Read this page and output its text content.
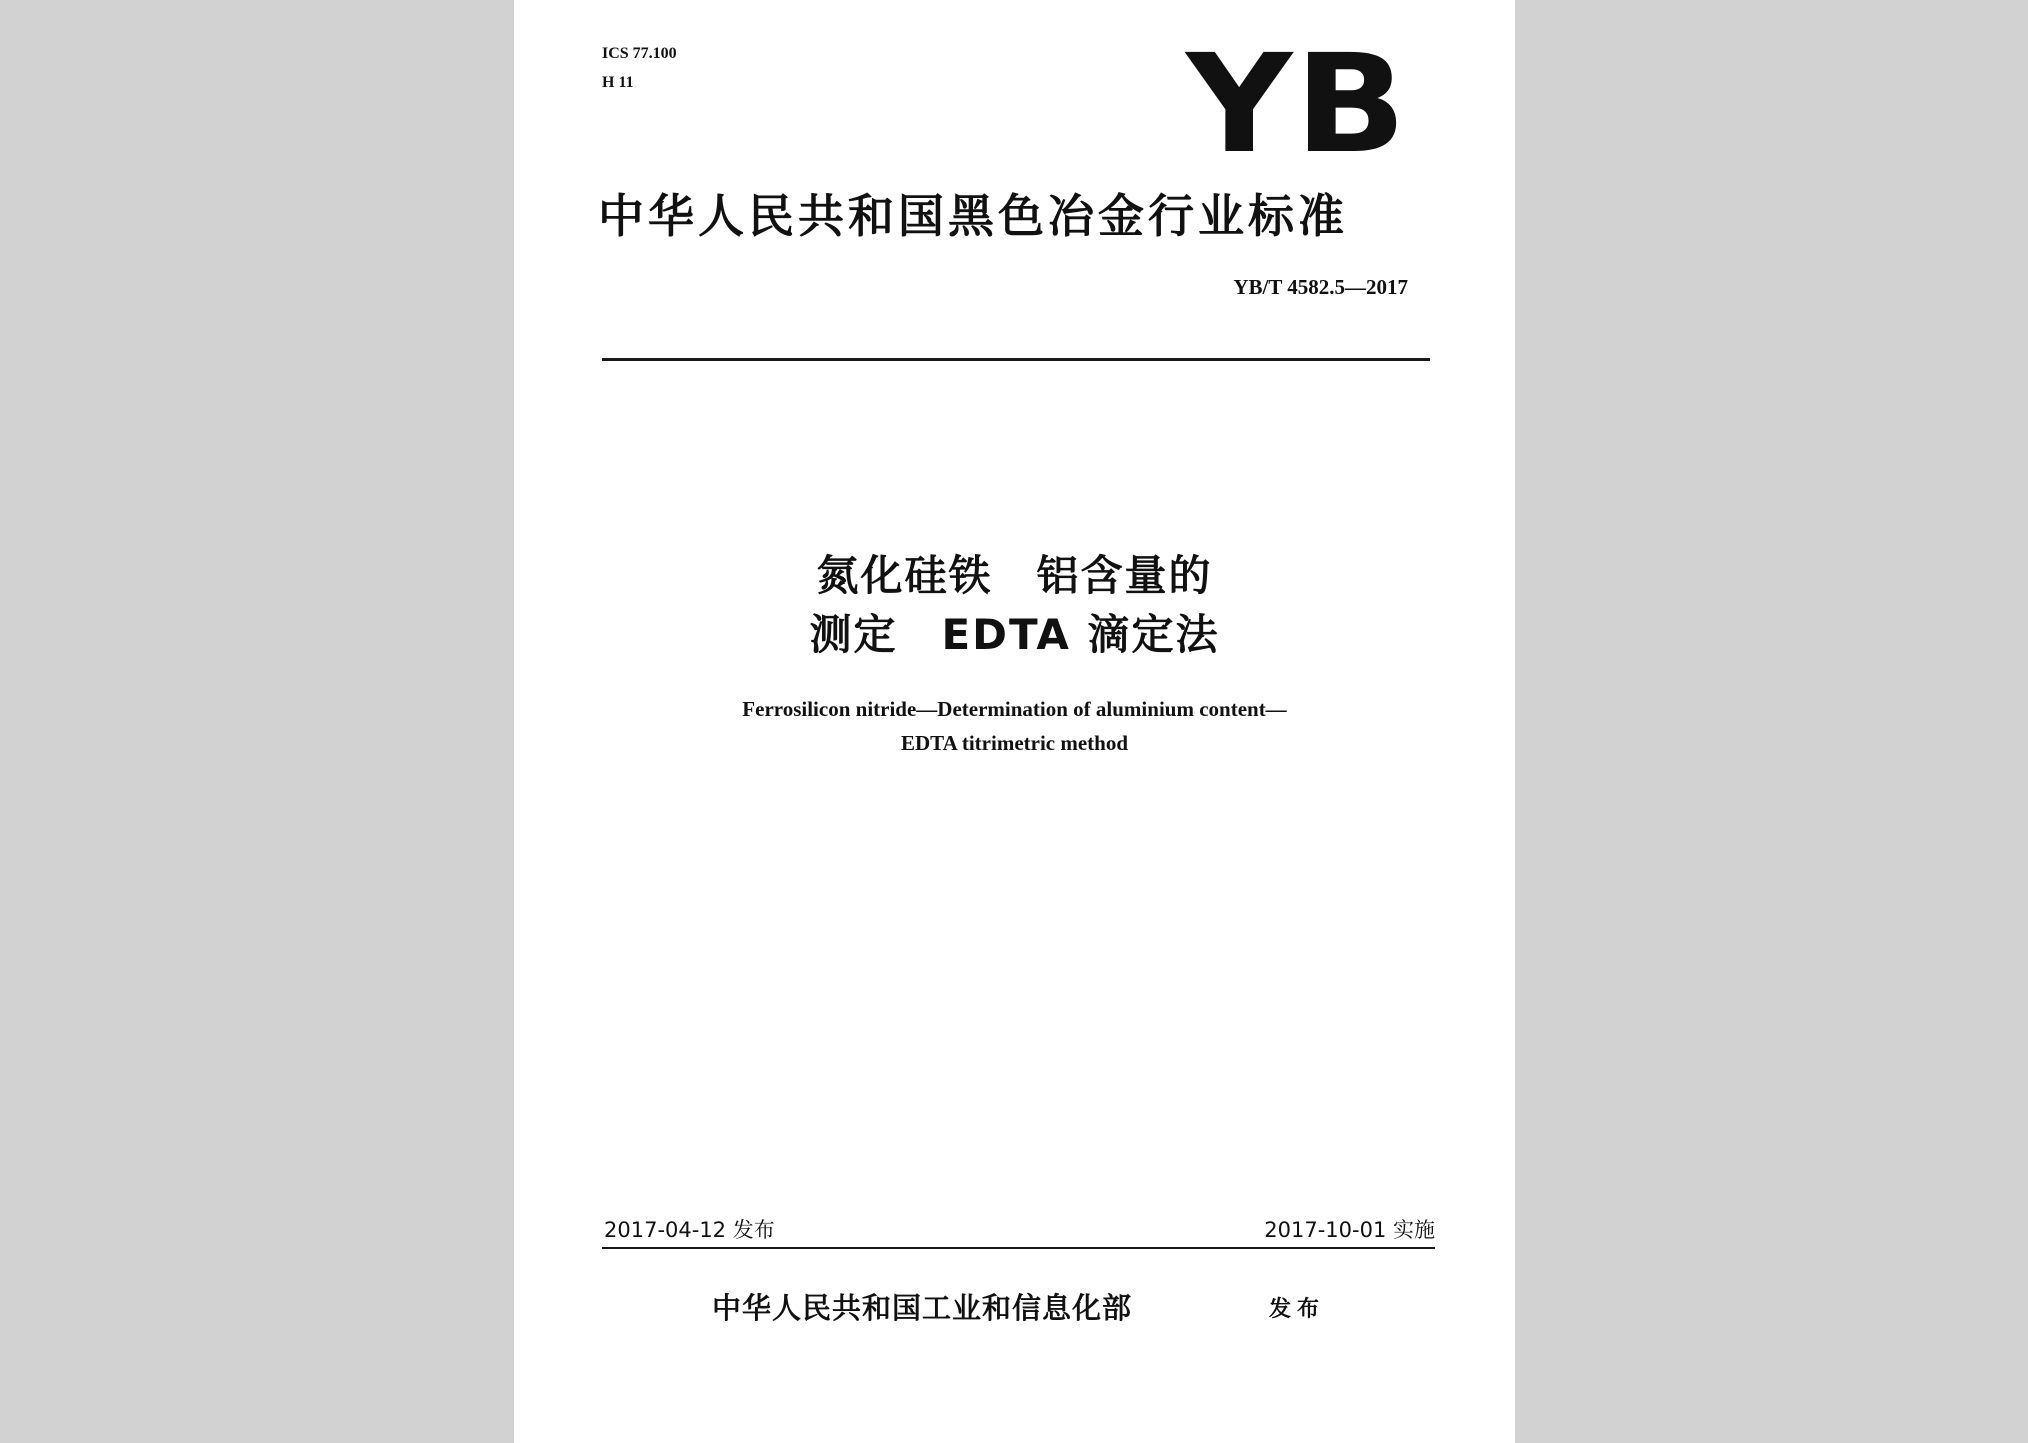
ICS 77.100
H 11	YB
中华人民共和国黑色冶金行业标准
YB/T 4582.5—2017
氮化硅铁　铝含量的
测定　EDTA 滴定法
Ferrosilicon nitride—Determination of aluminium content—
EDTA titrimetric method
2017-04-12 发布	2017-10-01 实施
中华人民共和国工业和信息化部	发布
